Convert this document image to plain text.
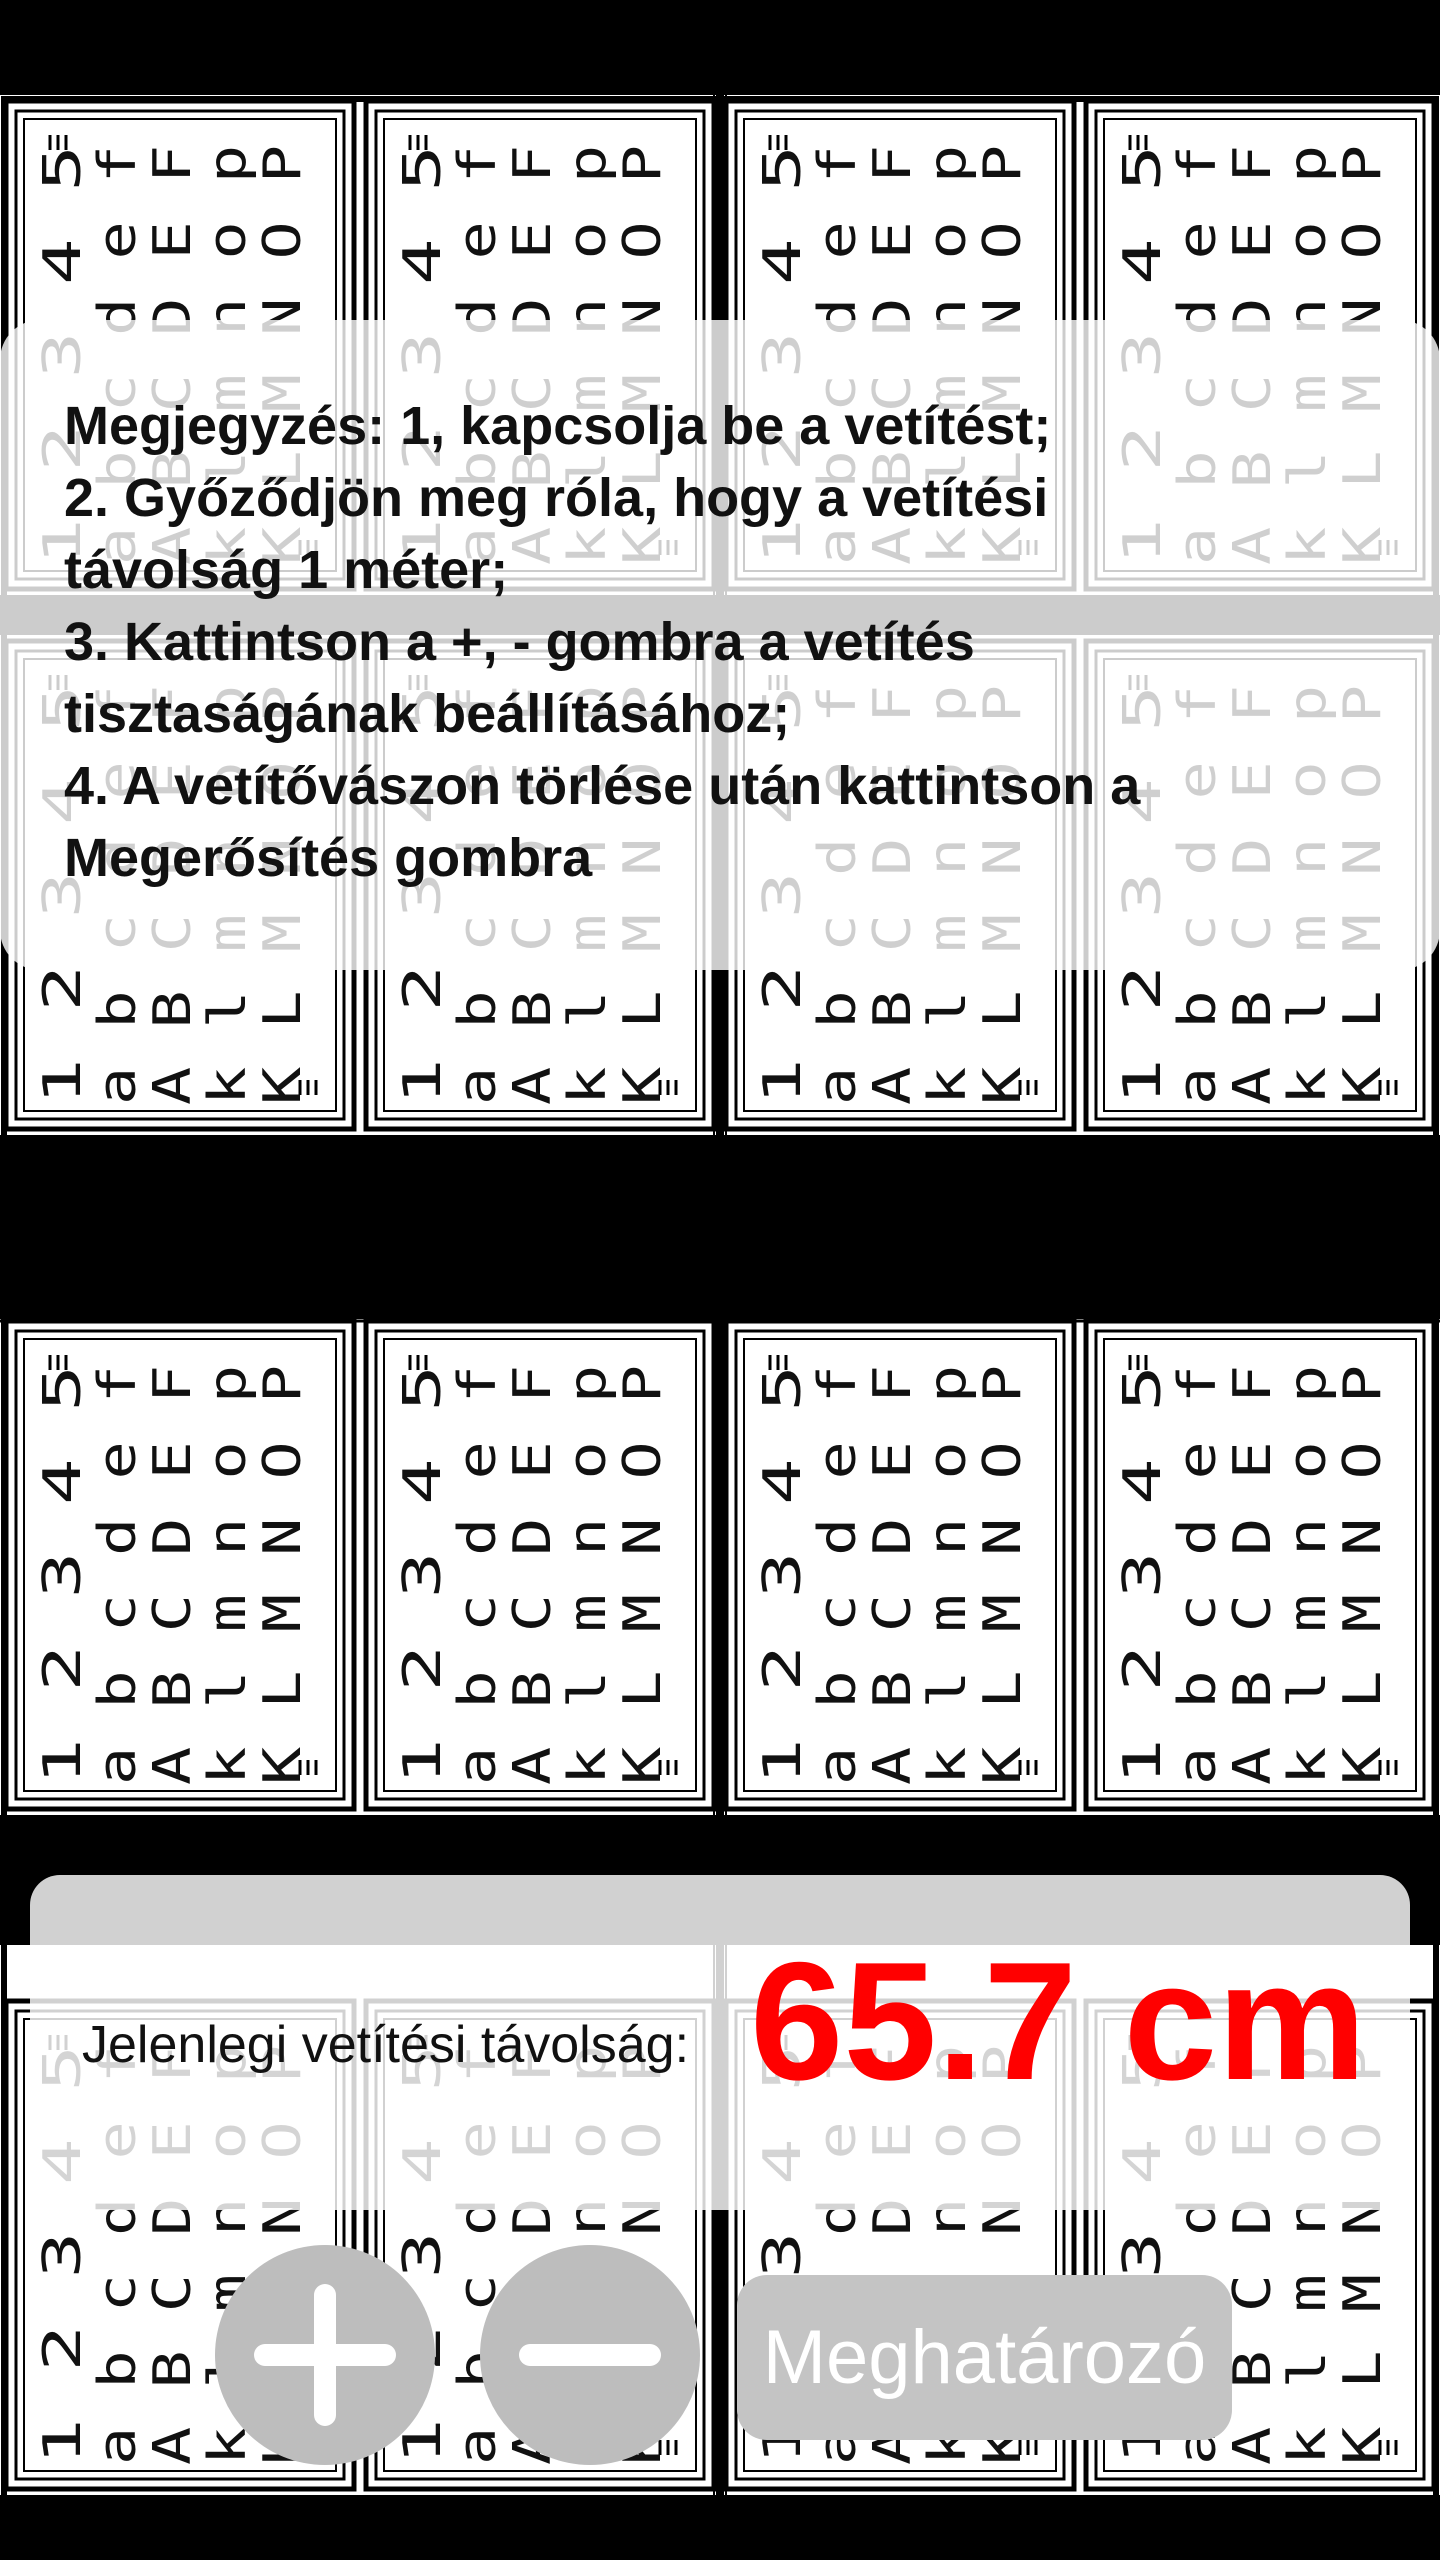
Megjegyzés: 1, kapcsolja be a vetítést;
2. Győződjön meg róla, hogy a vetítési
távolság 1 méter;
3. Kattintson a +, - gombra a vetítés
tisztaságának beállításához;
4. A vetítővászon törlése után kattintson a
Megerősítés gombra
Jelenlegi vetítési távolság: 65.7 cm
Meghatározó
